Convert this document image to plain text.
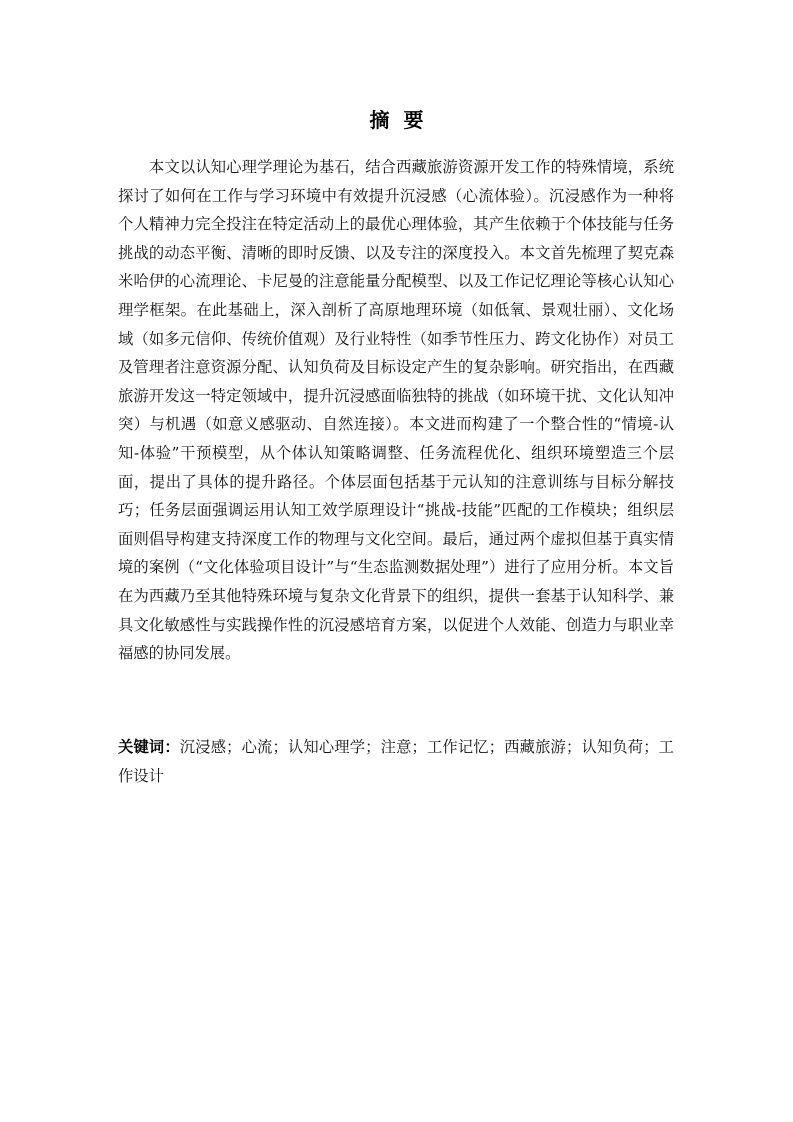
摘要

本文以认知心理学理论为基石，结合西藏旅游资源开发工作的特殊情境，系统探讨了如何在工作与学习环境中有效提升沉浸感（心流体验）。沉浸感作为一种将个人精神力完全投注在特定活动上的最优心理体验，其产生依赖于个体技能与任务挑战的动态平衡、清晰的即时反馈、以及专注的深度投入。本文首先梳理了契克森米哈伊的心流理论、卡尼曼的注意能量分配模型、以及工作记忆理论等核心认知心理学框架。在此基础上，深入剖析了高原地理环境（如低氧、景观壮丽）、文化场域（如多元信仰、传统价值观）及行业特性（如季节性压力、跨文化协作）对员工及管理者注意资源分配、认知负荷及目标设定产生的复杂影响。研究指出，在西藏旅游开发这一特定领域中，提升沉浸感面临独特的挑战（如环境干扰、文化认知冲突）与机遇（如意义感驱动、自然连接）。本文进而构建了一个整合性的“情境-认知-体验”干预模型，从个体认知策略调整、任务流程优化、组织环境塑造三个层面，提出了具体的提升路径。个体层面包括基于元认知的注意训练与目标分解技巧；任务层面强调运用认知工效学原理设计“挑战-技能”匹配的工作模块；组织层面则倡导构建支持深度工作的物理与文化空间。最后，通过两个虚拟但基于真实情境的案例（“文化体验项目设计”与“生态监测数据处理”）进行了应用分析。本文旨在为西藏乃至其他特殊环境与复杂文化背景下的组织，提供一套基于认知科学、兼具文化敏感性与实践操作性的沉浸感培育方案，以促进个人效能、创造力与职业幸福感的协同发展。

关键词：沉浸感；心流；认知心理学；注意；工作记忆；西藏旅游；认知负荷；工作设计
